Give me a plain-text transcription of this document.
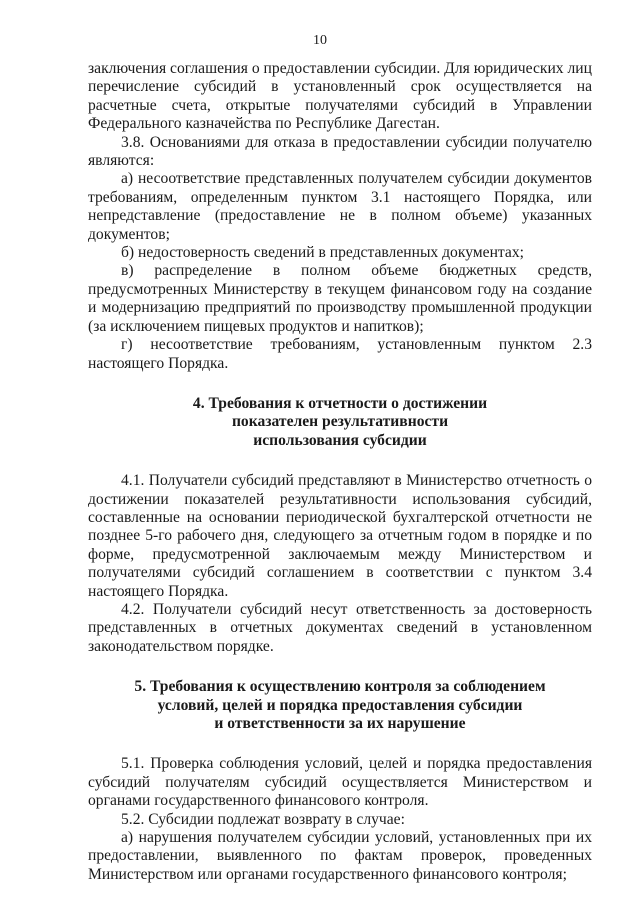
10

заключения соглашения о предоставлении субсидии. Для юридических лиц перечисление субсидий в установленный срок осуществляется на расчетные счета, открытые получателями субсидий в Управлении Федерального казначейства по Республике Дагестан.

3.8. Основаниями для отказа в предоставлении субсидии получателю являются:

а) несоответствие представленных получателем субсидии документов требованиям, определенным пунктом 3.1 настоящего Порядка, или непредставление (предоставление не в полном объеме) указанных документов;

б) недостоверность сведений в представленных документах;

в) распределение в полном объеме бюджетных средств, предусмотренных Министерству в текущем финансовом году на создание и модернизацию предприятий по производству промышленной продукции (за исключением пищевых продуктов и напитков);

г) несоответствие требованиям, установленным пунктом 2.3 настоящего Порядка.

4. Требования к отчетности о достижении
показателен результативности
использования субсидии

4.1. Получатели субсидий представляют в Министерство отчетность о достижении показателей результативности использования субсидий, составленные на основании периодической бухгалтерской отчетности не позднее 5-го рабочего дня, следующего за отчетным годом в порядке и по форме, предусмотренной заключаемым между Министерством и получателями субсидий соглашением в соответствии с пунктом 3.4 настоящего Порядка.

4.2. Получатели субсидий несут ответственность за достоверность представленных в отчетных документах сведений в установленном законодательством порядке.

5. Требования к осуществлению контроля за соблюдением
условий, целей и порядка предоставления субсидии
и ответственности за их нарушение

5.1. Проверка соблюдения условий, целей и порядка предоставления субсидий получателям субсидий осуществляется Министерством и органами государственного финансового контроля.

5.2. Субсидии подлежат возврату в случае:

а) нарушения получателем субсидии условий, установленных при их предоставлении, выявленного по фактам проверок, проведенных Министерством или органами государственного финансового контроля;
